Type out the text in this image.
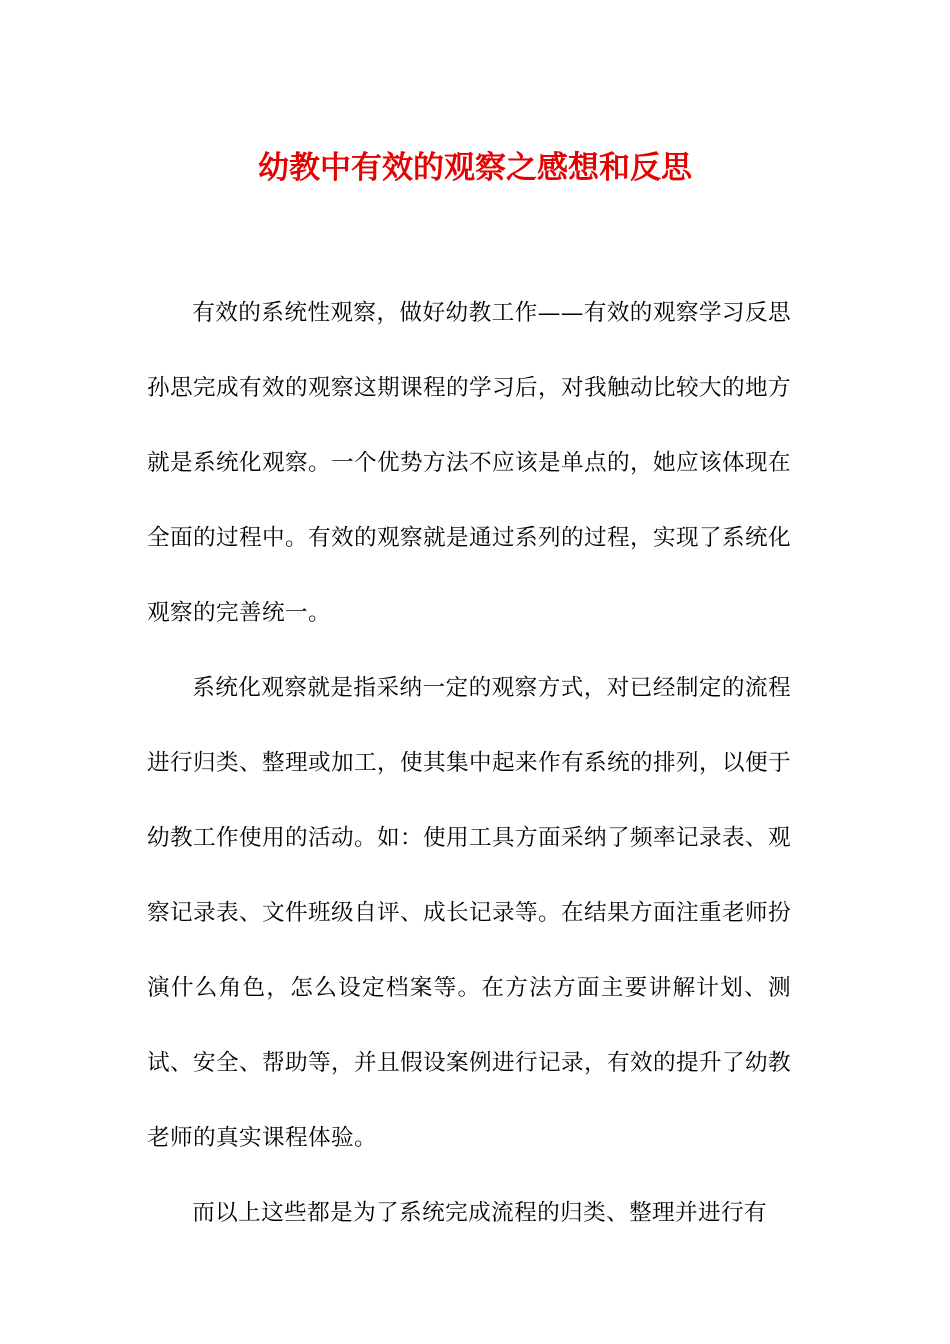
幼教中有效的观察之感想和反思

有效的系统性观察，做好幼教工作——有效的观察学习反思孙思完成有效的观察这期课程的学习后，对我触动比较大的地方就是系统化观察。一个优势方法不应该是单点的，她应该体现在全面的过程中。有效的观察就是通过系列的过程，实现了系统化观察的完善统一。

系统化观察就是指采纳一定的观察方式，对已经制定的流程进行归类、整理或加工，使其集中起来作有系统的排列，以便于幼教工作使用的活动。如：使用工具方面采纳了频率记录表、观察记录表、文件班级自评、成长记录等。在结果方面注重老师扮演什么角色，怎么设定档案等。在方法方面主要讲解计划、测试、安全、帮助等，并且假设案例进行记录，有效的提升了幼教老师的真实课程体验。

而以上这些都是为了系统完成流程的归类、整理并进行有
